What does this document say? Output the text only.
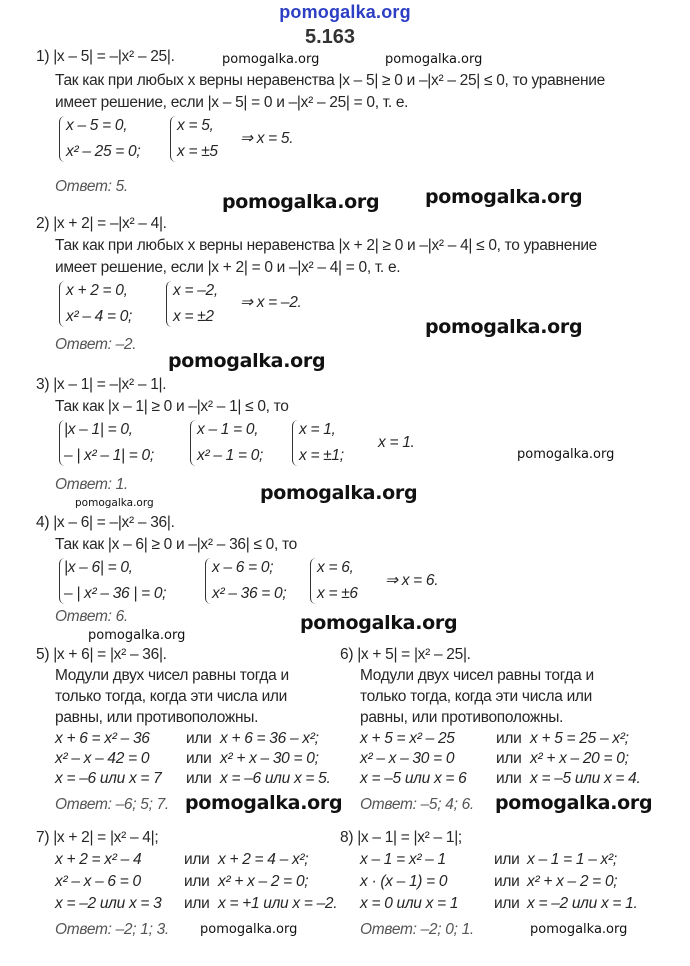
pomogalka.org
5.163
1) |x – 5| = –|x² – 25|.
Так как при любых x верны неравенства |x – 5| ≥ 0 и –|x² – 25| ≤ 0, то уравнение
имеет решение, если |x – 5| = 0 и –|x² – 25| = 0, т. е.
x – 5 = 0,
x² – 25 = 0;
x = 5,
x = ±5
⇒ x = 5.
Ответ: 5.
2) |x + 2| = –|x² – 4|.
Так как при любых x верны неравенства |x + 2| ≥ 0 и –|x² – 4| ≤ 0, то уравнение
имеет решение, если |x + 2| = 0 и –|x² – 4| = 0, т. е.
x + 2 = 0,
x² – 4 = 0;
x = –2,
x = ±2
⇒ x = –2.
Ответ: –2.
3) |x – 1| = –|x² – 1|.
Так как |x – 1| ≥ 0 и –|x² – 1| ≤ 0, то
|x – 1| = 0,
– | x² – 1| = 0;
x – 1 = 0,
x² – 1 = 0;
x = 1,
x = ±1;
x = 1.
Ответ: 1.
4) |x – 6| = –|x² – 36|.
Так как |x – 6| ≥ 0 и –|x² – 36| ≤ 0, то
|x – 6| = 0,
– | x² – 36 | = 0;
x – 6 = 0;
x² – 36 = 0;
x = 6,
x = ±6
⇒ x = 6.
Ответ: 6.
5) |x + 6| = |x² – 36|.
Модули двух чисел равны тогда и
только тогда, когда эти числа или
равны, или противоположны.
x + 6 = x² – 36 или x + 6 = 36 – x²;
x² – x – 42 = 0 или x² + x – 30 = 0;
x = –6 или x = 7 или x = –6 или x = 5.
Ответ: –6; 5; 7.
6) |x + 5| = |x² – 25|.
Модули двух чисел равны тогда и
только тогда, когда эти числа или
равны, или противоположны.
x + 5 = x² – 25	или x + 5 = 25 – x²;
x² – x – 30 = 0	или x² + x – 20 = 0;
x = –5 или x = 6 или x = –5 или x = 4.
Ответ: –5; 4; 6.
7) |x + 2| = |x² – 4|;
x + 2 = x² – 4	или x + 2 = 4 – x²;
x² – x – 6 = 0	или x² + x – 2 = 0;
x = –2 или x = 3 или x = +1 или x = –2.
Ответ: –2; 1; 3.
8) |x – 1| = |x² – 1|;
x – 1 = x² – 1	или x – 1 = 1 – x²;
x · (x – 1) = 0	или x² + x – 2 = 0;
x = 0 или x = 1 или x = –2 или x = 1.
Ответ: –2; 0; 1.
pomogalka.org	pomogalka.org
pomogalka.org
pomogalka.org
pomogalka.org
pomogalka.org
pomogalka.org
pomogalka.org
pomogalka.org
pomogalka.org
pomogalka.org
pomogalka.org	pomogalka.org
pomogalka.org	pomogalka.org
